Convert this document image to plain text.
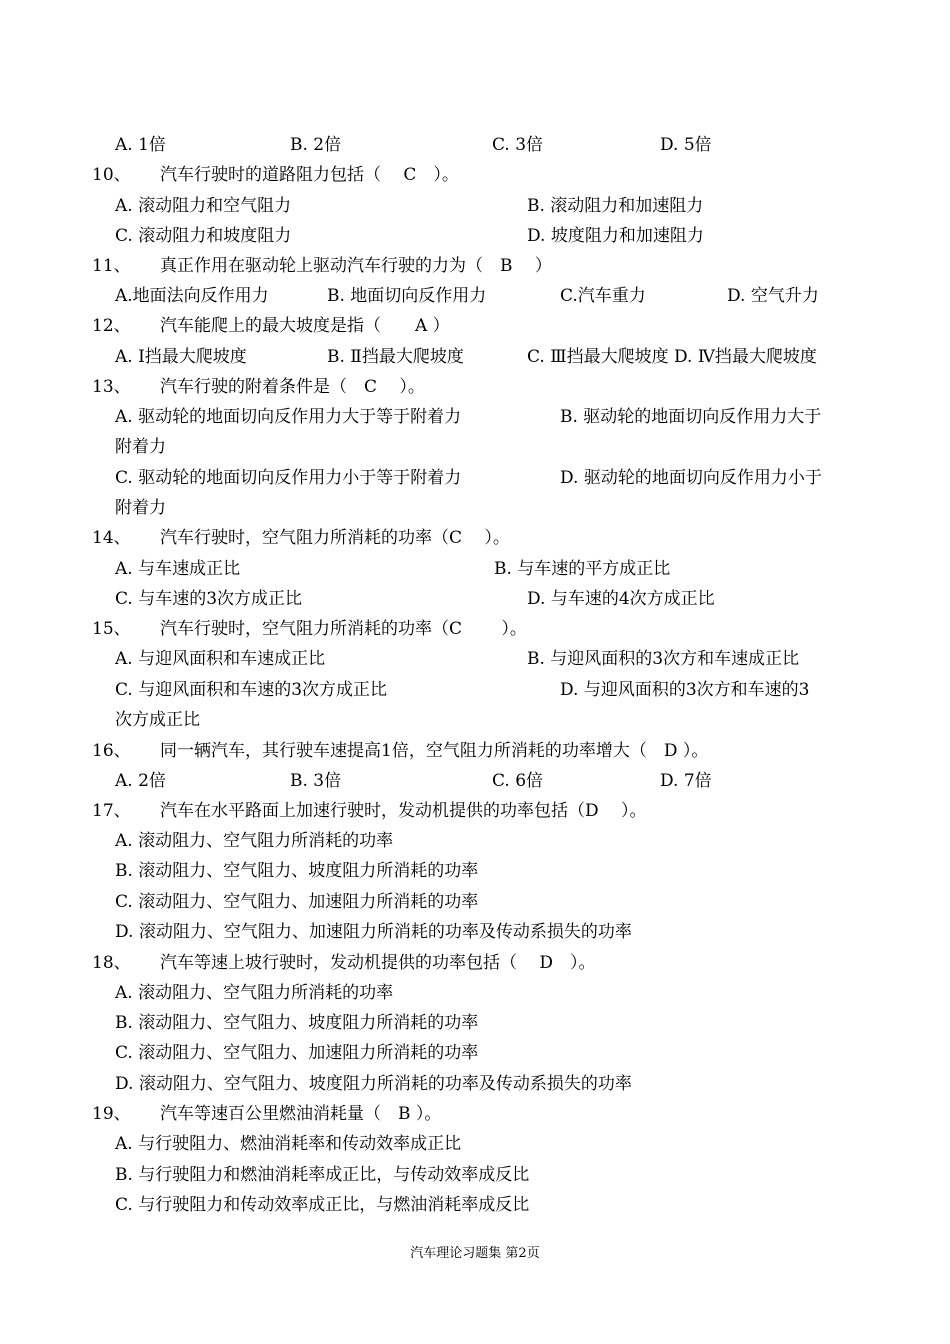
A. 1倍	B. 2倍	C. 3倍	D. 5倍
10、 汽车行驶时的道路阻力包括（　 C　）。
A. 滚动阻力和空气阻力	B. 滚动阻力和加速阻力
C. 滚动阻力和坡度阻力	D. 坡度阻力和加速阻力
11、 真正作用在驱动轮上驱动汽车行驶的力为（　B　 ）
A.地面法向反作用力	B. 地面切向反作用力	C.汽车重力	D. 空气升力
12、 汽车能爬上的最大坡度是指（　　A ）
A. Ⅰ挡最大爬坡度	B. Ⅱ挡最大爬坡度	C. Ⅲ挡最大爬坡度 D. Ⅳ挡最大爬坡度
13、 汽车行驶的附着条件是（　C　 ）。
A. 驱动轮的地面切向反作用力大于等于附着力	B. 驱动轮的地面切向反作用力大于
附着力
C. 驱动轮的地面切向反作用力小于等于附着力	D. 驱动轮的地面切向反作用力小于
附着力
14、 汽车行驶时，空气阻力所消耗的功率（C　 ）。
A. 与车速成正比	B. 与车速的平方成正比
C. 与车速的3次方成正比	D. 与车速的4次方成正比
15、 汽车行驶时，空气阻力所消耗的功率（C　　 ）。
A. 与迎风面积和车速成正比	B. 与迎风面积的3次方和车速成正比
C. 与迎风面积和车速的3次方成正比	D. 与迎风面积的3次方和车速的3
次方成正比
16、 同一辆汽车，其行驶车速提高1倍，空气阻力所消耗的功率增大（　D ）。
A. 2倍	B. 3倍	C. 6倍	D. 7倍
17、 汽车在水平路面上加速行驶时，发动机提供的功率包括（D　 ）。
A. 滚动阻力、空气阻力所消耗的功率
B. 滚动阻力、空气阻力、坡度阻力所消耗的功率
C. 滚动阻力、空气阻力、加速阻力所消耗的功率
D. 滚动阻力、空气阻力、加速阻力所消耗的功率及传动系损失的功率
18、 汽车等速上坡行驶时，发动机提供的功率包括（　 D　）。
A. 滚动阻力、空气阻力所消耗的功率
B. 滚动阻力、空气阻力、坡度阻力所消耗的功率
C. 滚动阻力、空气阻力、加速阻力所消耗的功率
D. 滚动阻力、空气阻力、坡度阻力所消耗的功率及传动系损失的功率
19、 汽车等速百公里燃油消耗量（　B ）。
A. 与行驶阻力、燃油消耗率和传动效率成正比
B. 与行驶阻力和燃油消耗率成正比，与传动效率成反比
C. 与行驶阻力和传动效率成正比，与燃油消耗率成反比
汽车理论习题集 第2页
